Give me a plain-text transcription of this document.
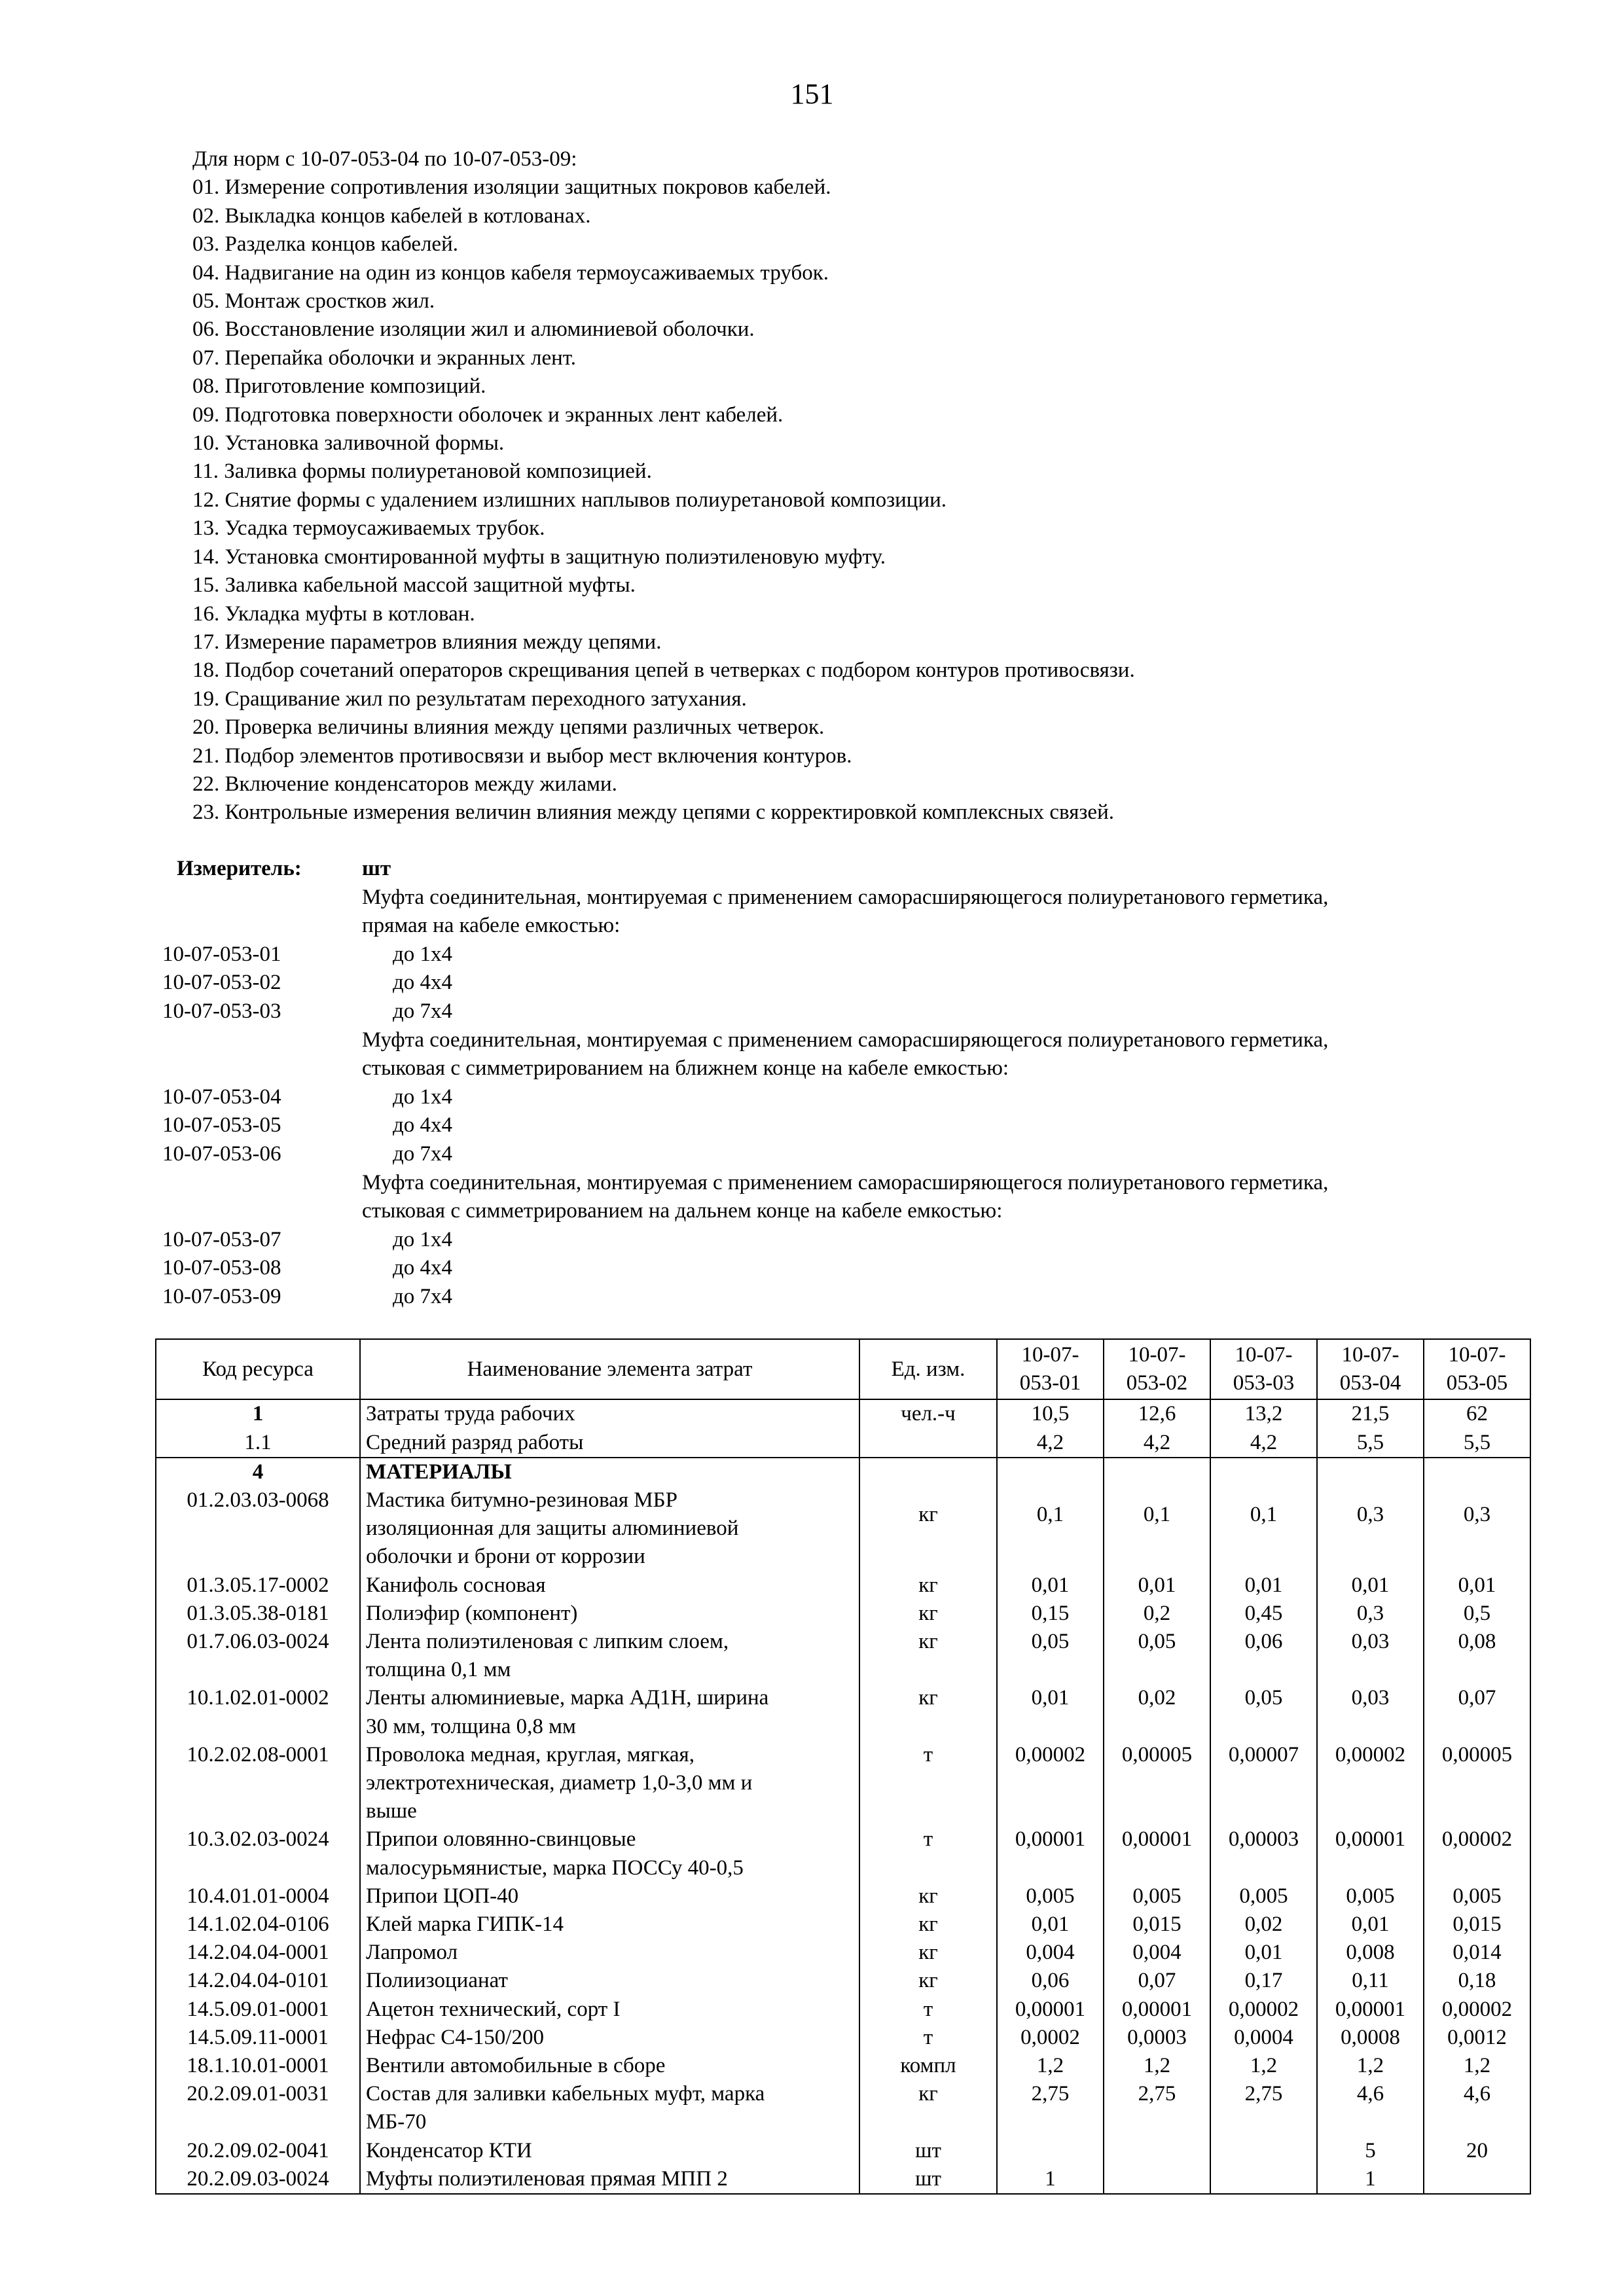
151
Для норм с 10-07-053-04 по 10-07-053-09:
01. Измерение сопротивления изоляции защитных покровов кабелей.
02. Выкладка концов кабелей в котлованах.
03. Разделка концов кабелей.
04. Надвигание на один из концов кабеля термоусаживаемых трубок.
05. Монтаж сростков жил.
06. Восстановление изоляции жил и алюминиевой оболочки.
07. Перепайка оболочки и экранных лент.
08. Приготовление композиций.
09. Подготовка поверхности оболочек и экранных лент кабелей.
10. Установка заливочной формы.
11. Заливка формы полиуретановой композицией.
12. Снятие формы с удалением излишних наплывов полиуретановой композиции.
13. Усадка термоусаживаемых трубок.
14. Установка смонтированной муфты в защитную полиэтиленовую муфту.
15. Заливка кабельной массой защитной муфты.
16. Укладка муфты в котлован.
17. Измерение параметров влияния между цепями.
18. Подбор сочетаний операторов скрещивания цепей в четверках с подбором контуров противосвязи.
19. Сращивание жил по результатам переходного затухания.
20. Проверка величины влияния между цепями различных четверок.
21. Подбор элементов противосвязи и выбор мест включения контуров.
22. Включение конденсаторов между жилами.
23. Контрольные измерения величин влияния между цепями с корректировкой комплексных связей.
Измеритель:	шт
Муфта соединительная, монтируемая с применением саморасширяющегося полиуретанового герметика,
прямая на кабеле емкостью:
10-07-053-01	до 1х4
10-07-053-02	до 4х4
10-07-053-03	до 7х4
Муфта соединительная, монтируемая с применением саморасширяющегося полиуретанового герметика,
стыковая с симметрированием на ближнем конце на кабеле емкостью:
10-07-053-04	до 1х4
10-07-053-05	до 4х4
10-07-053-06	до 7х4
Муфта соединительная, монтируемая с применением саморасширяющегося полиуретанового герметика,
стыковая с симметрированием на дальнем конце на кабеле емкостью:
10-07-053-07	до 1х4
10-07-053-08	до 4х4
10-07-053-09	до 7х4
Код ресурса	Наименование элемента затрат	Ед. изм.	10-07-
053-01	10-07-
053-02	10-07-
053-03	10-07-
053-04	10-07-
053-05
1	Затраты труда рабочих	чел.-ч	10,5	12,6	13,2	21,5	62
1.1	Средний разряд работы		4,2	4,2	4,2	5,5	5,5
4	МАТЕРИАЛЫ						
01.2.03.03-0068	Мастика битумно-резиновая МБР
изоляционная для защиты алюминиевой
оболочки и брони от коррозии	кг	0,1	0,1	0,1	0,3	0,3
01.3.05.17-0002	Канифоль сосновая	кг	0,01	0,01	0,01	0,01	0,01
01.3.05.38-0181	Полиэфир (компонент)	кг	0,15	0,2	0,45	0,3	0,5
01.7.06.03-0024	Лента полиэтиленовая с липким слоем,
толщина 0,1 мм	кг	0,05	0,05	0,06	0,03	0,08
10.1.02.01-0002	Ленты алюминиевые, марка АД1Н, ширина
30 мм, толщина 0,8 мм	кг	0,01	0,02	0,05	0,03	0,07
10.2.02.08-0001	Проволока медная, круглая, мягкая,
электротехническая, диаметр 1,0-3,0 мм и
выше	т	0,00002	0,00005	0,00007	0,00002	0,00005
10.3.02.03-0024	Припои оловянно-свинцовые
малосурьмянистые, марка ПОССу 40-0,5	т	0,00001	0,00001	0,00003	0,00001	0,00002
10.4.01.01-0004	Припои ЦОП-40	кг	0,005	0,005	0,005	0,005	0,005
14.1.02.04-0106	Клей марка ГИПК-14	кг	0,01	0,015	0,02	0,01	0,015
14.2.04.04-0001	Лапромол	кг	0,004	0,004	0,01	0,008	0,014
14.2.04.04-0101	Полиизоцианат	кг	0,06	0,07	0,17	0,11	0,18
14.5.09.01-0001	Ацетон технический, сорт I	т	0,00001	0,00001	0,00002	0,00001	0,00002
14.5.09.11-0001	Нефрас С4-150/200	т	0,0002	0,0003	0,0004	0,0008	0,0012
18.1.10.01-0001	Вентили автомобильные в сборе	компл	1,2	1,2	1,2	1,2	1,2
20.2.09.01-0031	Состав для заливки кабельных муфт, марка
МБ-70	кг	2,75	2,75	2,75	4,6	4,6
20.2.09.02-0041	Конденсатор КТИ	шт				5	20
20.2.09.03-0024	Муфты полиэтиленовая прямая МПП 2	шт	1			1	
